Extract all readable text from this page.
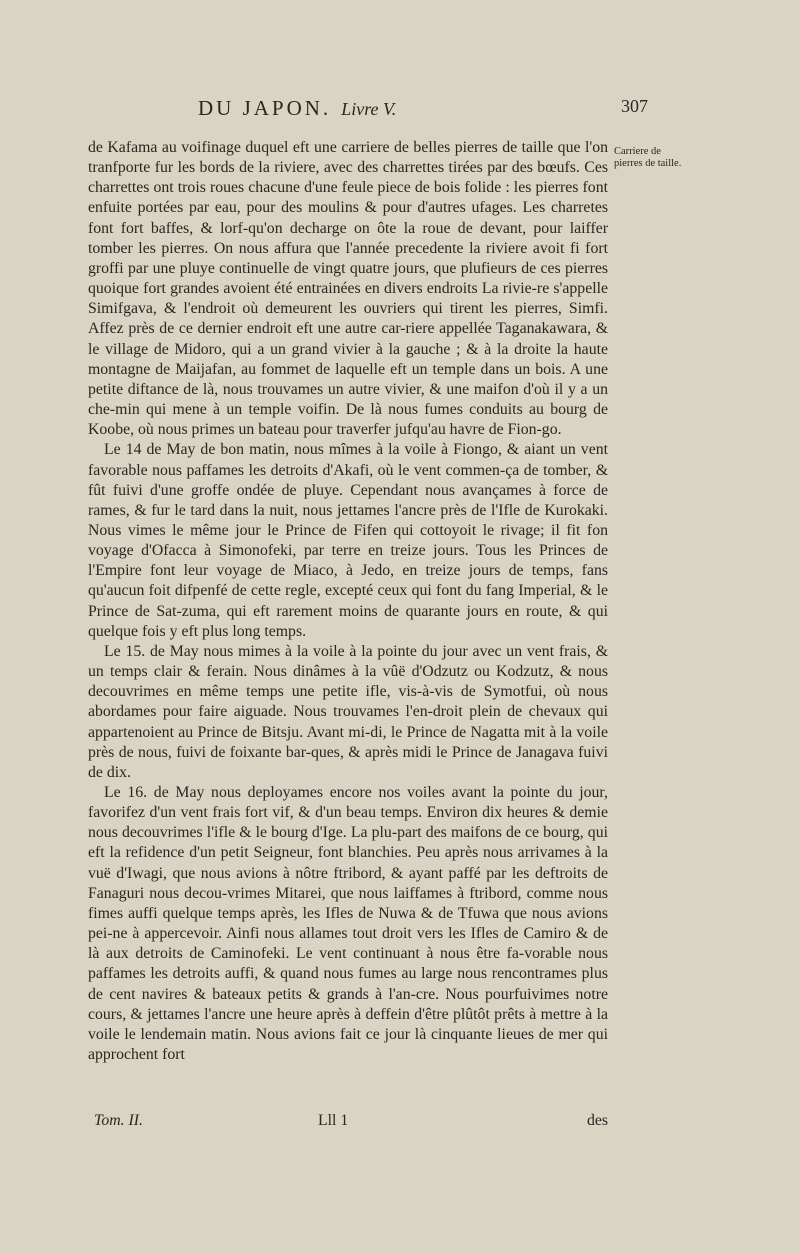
DU JAPON. Livre V.	307
Carriere de pierres de taille.

de Kafama au voifinage duquel eft une carriere de belles pierres de taille que l'on tranfporte fur les bords de la riviere, avec des charrettes tirées par des bœufs. Ces charrettes ont trois roues chacune d'une feule piece de bois folide : les pierres font enfuite portées par eau, pour des moulins & pour d'autres ufages. Les charretes font fort baffes, & lorf-qu'on decharge on ôte la roue de devant, pour laiffer tomber les pierres. On nous affura que l'année precedente la riviere avoit fi fort groffi par une pluye continuelle de vingt quatre jours, que plufieurs de ces pierres quoique fort grandes avoient été entrainées en divers endroits La rivie-re s'appelle Simifgava, & l'endroit où demeurent les ouvriers qui tirent les pierres, Simfi. Affez près de ce dernier endroit eft une autre car-riere appellée Taganakawara, & le village de Midoro, qui a un grand vivier à la gauche ; & à la droite la haute montagne de Maijafan, au fommet de laquelle eft un temple dans un bois. A une petite diftance de là, nous trouvames un autre vivier, & une maifon d'où il y a un che-min qui mene à un temple voifin. De là nous fumes conduits au bourg de Koobe, où nous primes un bateau pour traverfer jufqu'au havre de Fion-go.

Le 14 de May de bon matin, nous mîmes à la voile à Fiongo, & aiant un vent favorable nous paffames les detroits d'Akafi, où le vent commen-ça de tomber, & fût fuivi d'une groffe ondée de pluye. Cependant nous avançames à force de rames, & fur le tard dans la nuit, nous jettames l'ancre près de l'Ifle de Kurokaki. Nous vimes le même jour le Prince de Fifen qui cottoyoit le rivage; il fit fon voyage d'Ofacca à Simonofeki, par terre en treize jours. Tous les Princes de l'Empire font leur voyage de Miaco, à Jedo, en treize jours de temps, fans qu'aucun foit difpenfé de cette regle, excepté ceux qui font du fang Imperial, & le Prince de Sat-zuma, qui eft rarement moins de quarante jours en route, & qui quelque fois y eft plus long temps.

Le 15. de May nous mimes à la voile à la pointe du jour avec un vent frais, & un temps clair & ferain. Nous dinâmes à la vûë d'Odzutz ou Kodzutz, & nous decouvrimes en même temps une petite ifle, vis-à-vis de Symotfui, où nous abordames pour faire aiguade. Nous trouvames l'en-droit plein de chevaux qui appartenoient au Prince de Bitsju. Avant mi-di, le Prince de Nagatta mit à la voile près de nous, fuivi de foixante bar-ques, & après midi le Prince de Janagava fuivi de dix.

Le 16. de May nous deployames encore nos voiles avant la pointe du jour, favorifez d'un vent frais fort vif, & d'un beau temps. Environ dix heures & demie nous decouvrimes l'ifle & le bourg d'Ige. La plu-part des maifons de ce bourg, qui eft la refidence d'un petit Seigneur, font blanchies. Peu après nous arrivames à la vuë d'Iwagi, que nous avions à nôtre ftribord, & ayant paffé par les deftroits de Fanaguri nous decou-vrimes Mitarei, que nous laiffames à ftribord, comme nous fimes auffi quelque temps après, les Ifles de Nuwa & de Tfuwa que nous avions pei-ne à appercevoir. Ainfi nous allames tout droit vers les Ifles de Camiro & de là aux detroits de Caminofeki. Le vent continuant à nous être fa-vorable nous paffames les detroits auffi, & quand nous fumes au large nous rencontrames plus de cent navires & bateaux petits & grands à l'an-cre. Nous pourfuivimes notre cours, & jettames l'ancre une heure après à deffein d'être plûtôt prêts à mettre à la voile le lendemain matin. Nous avions fait ce jour là cinquante lieues de mer qui approchent fort

Tom. II.	Lll 1	des
